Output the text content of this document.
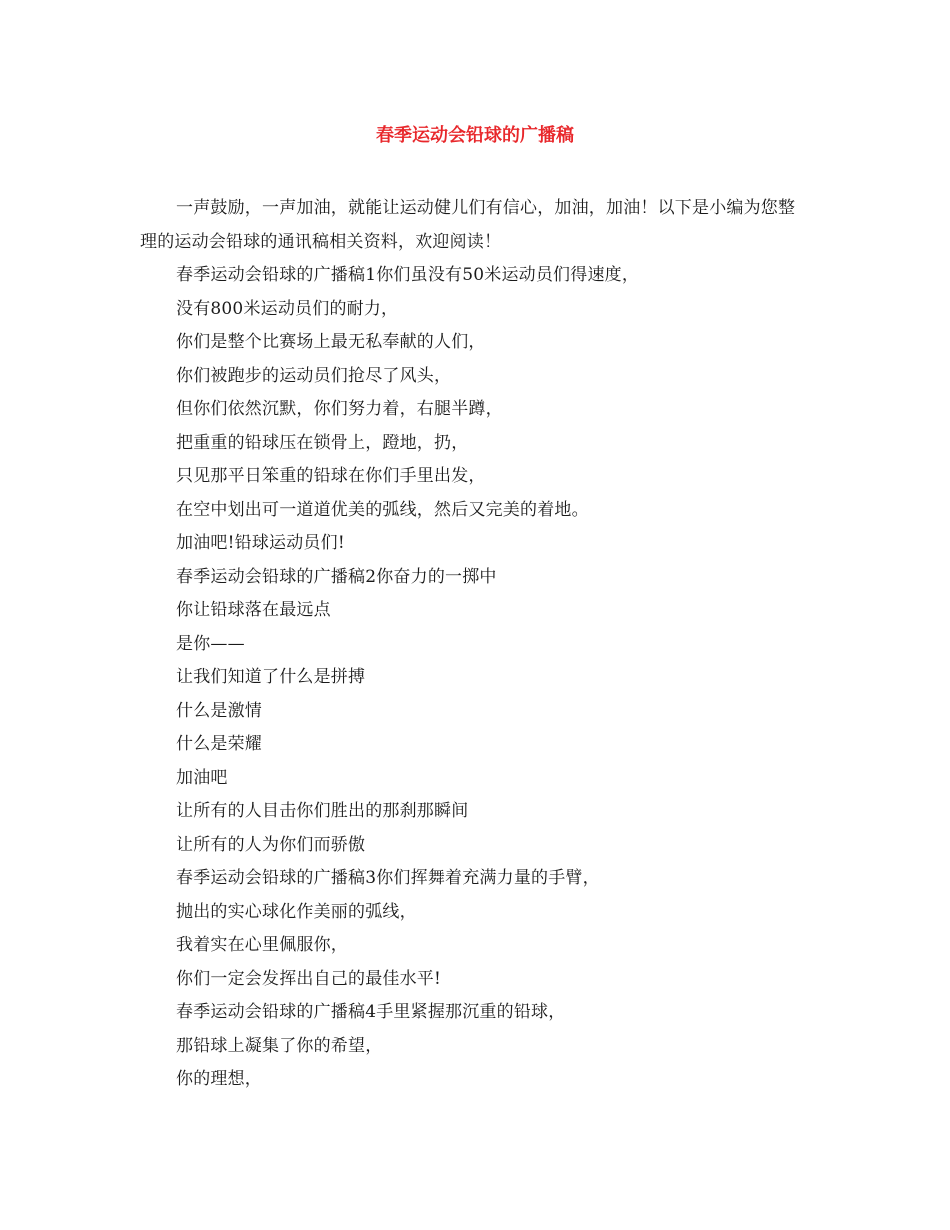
春季运动会铅球的广播稿

一声鼓励，一声加油，就能让运动健儿们有信心，加油，加油！以下是小编为您整理的运动会铅球的通讯稿相关资料，欢迎阅读！

春季运动会铅球的广播稿1你们虽没有50米运动员们得速度，
没有800米运动员们的耐力，
你们是整个比赛场上最无私奉献的人们，
你们被跑步的运动员们抢尽了风头，
但你们依然沉默，你们努力着，右腿半蹲，
把重重的铅球压在锁骨上，蹬地，扔，
只见那平日笨重的铅球在你们手里出发，
在空中划出可一道道优美的弧线，然后又完美的着地。
加油吧!铅球运动员们!
春季运动会铅球的广播稿2你奋力的一掷中
你让铅球落在最远点
是你——
让我们知道了什么是拼搏
什么是激情
什么是荣耀
加油吧
让所有的人目击你们胜出的那刹那瞬间
让所有的人为你们而骄傲
春季运动会铅球的广播稿3你们挥舞着充满力量的手臂，
抛出的实心球化作美丽的弧线，
我着实在心里佩服你，
你们一定会发挥出自己的最佳水平!
春季运动会铅球的广播稿4手里紧握那沉重的铅球，
那铅球上凝集了你的希望，
你的理想，
